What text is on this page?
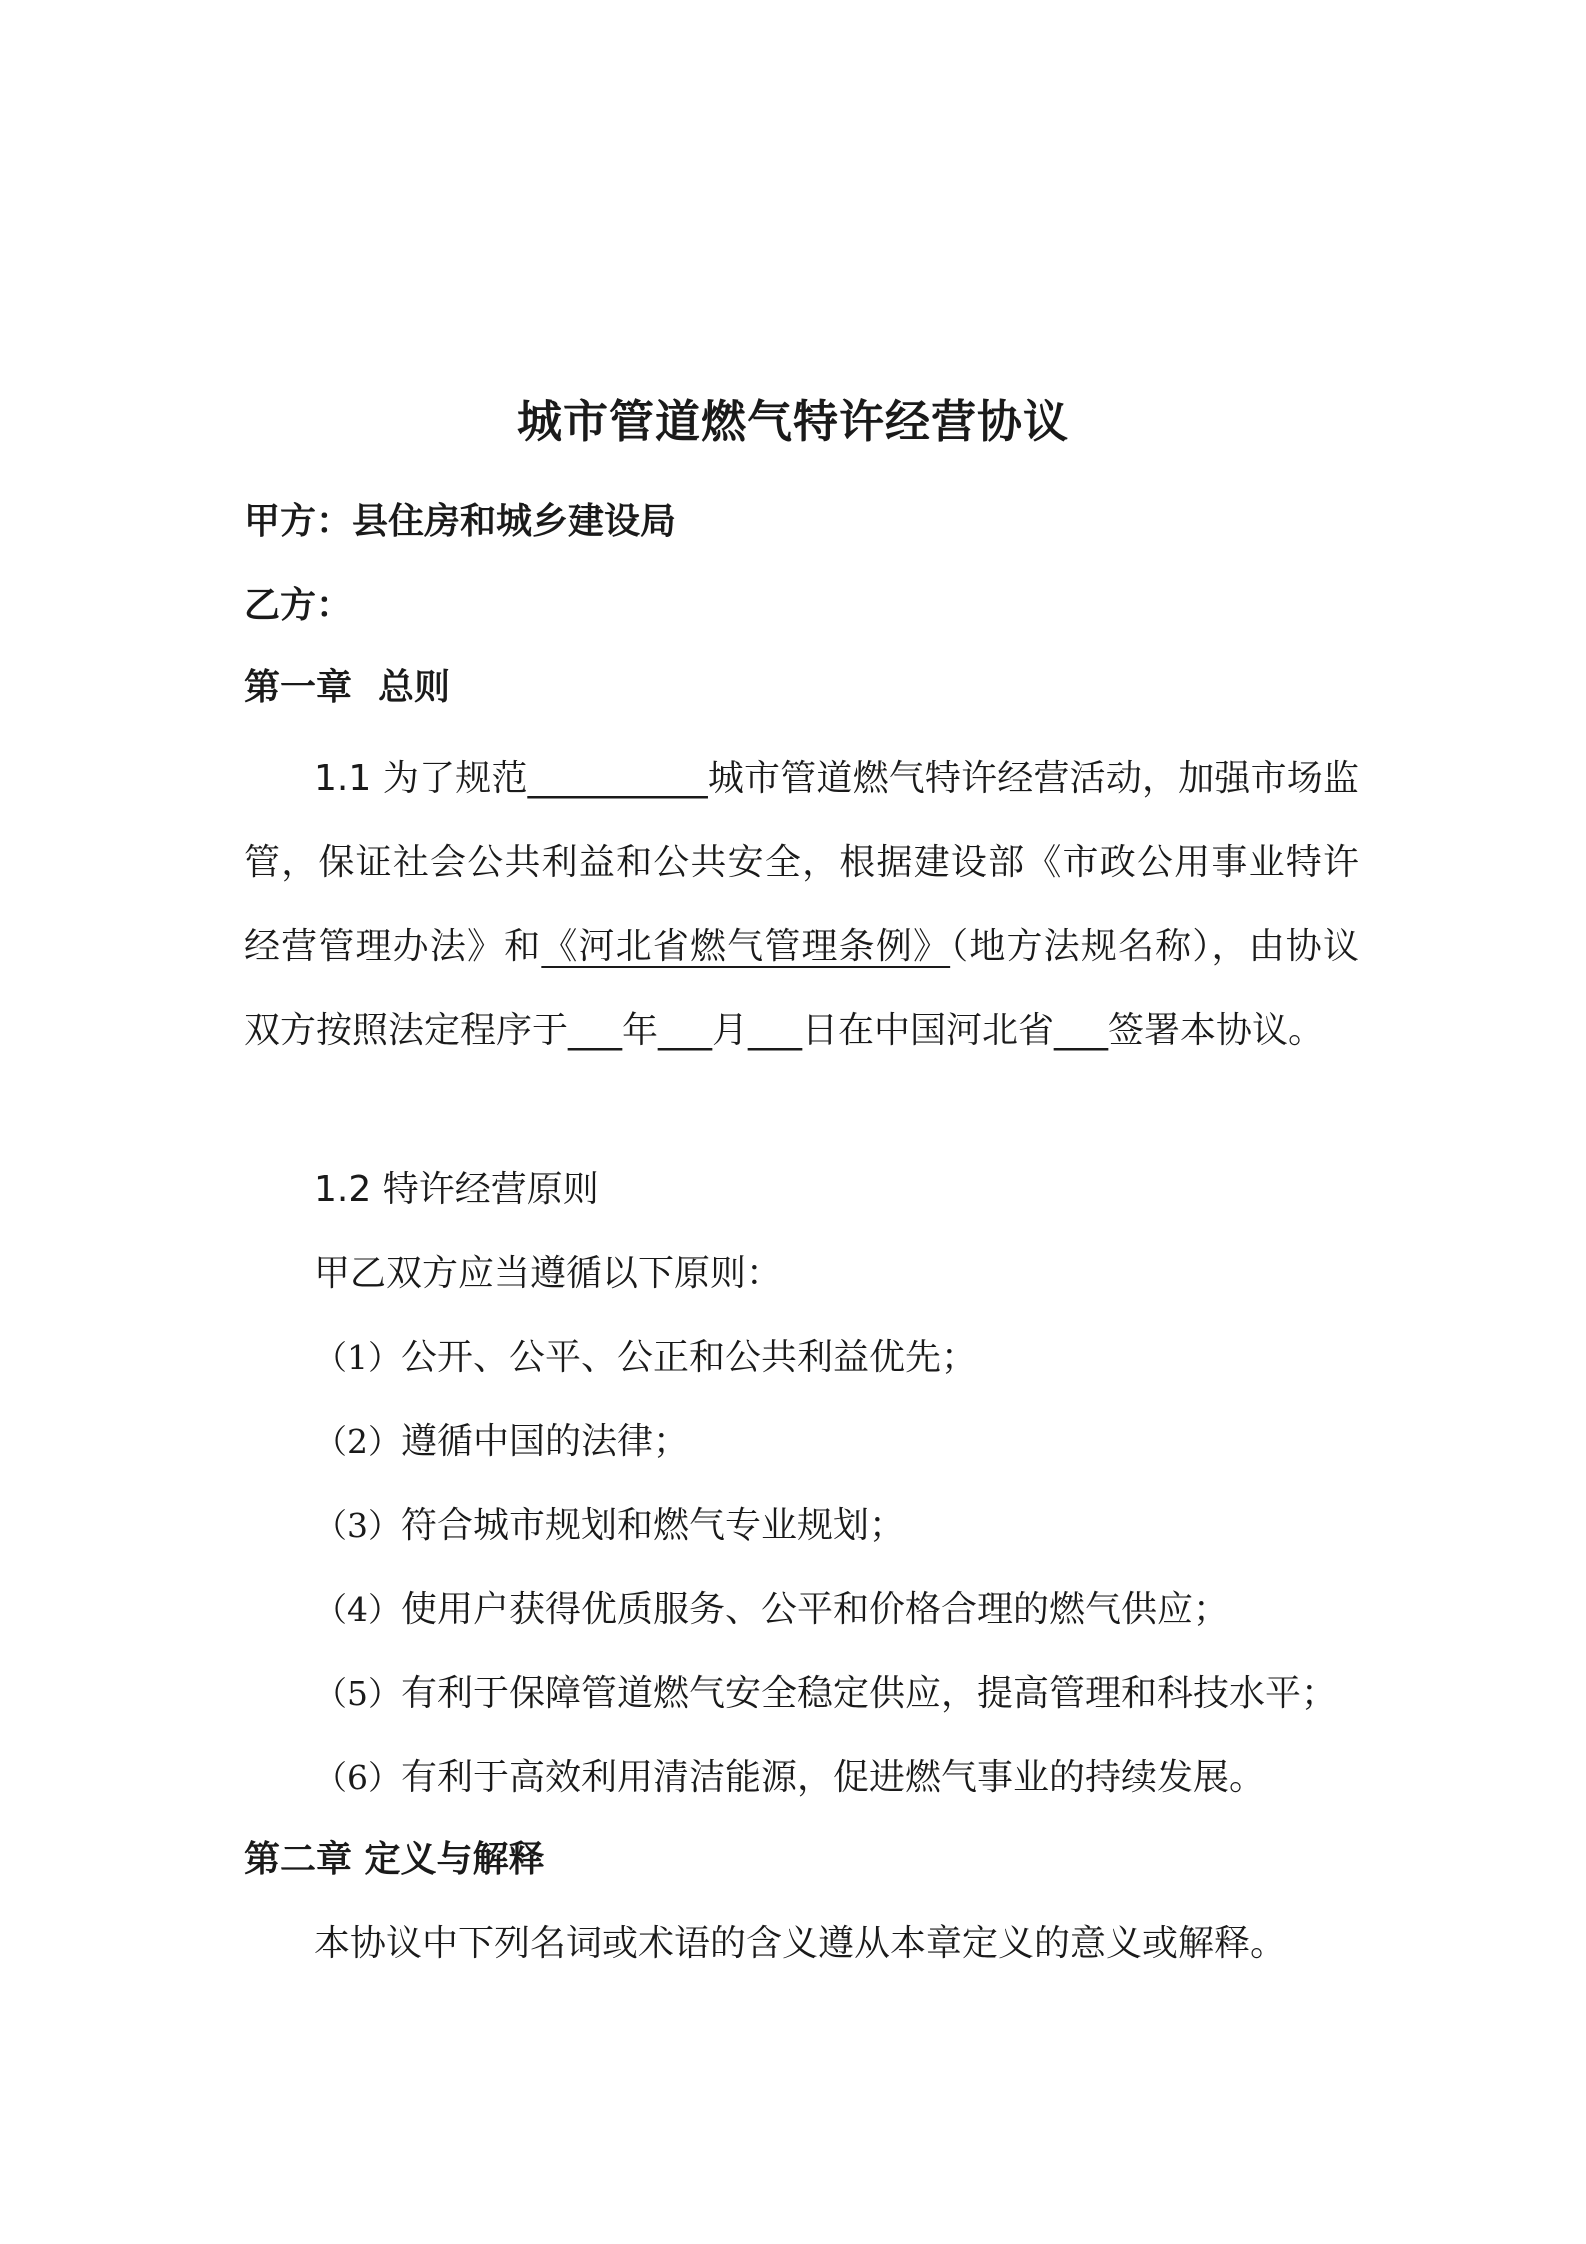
城市管道燃气特许经营协议
甲方：县住房和城乡建设局
乙方：
第一章 总则
1.1 为了规范__________城市管道燃气特许经营活动，加强市场监管，保证社会公共利益和公共安全，根据建设部《市政公用事业特许经营管理办法》和《河北省燃气管理条例》（地方法规名称），由协议双方按照法定程序于___年___月___日在中国河北省___签署本协议。
1.2 特许经营原则
甲乙双方应当遵循以下原则：
（1）公开、公平、公正和公共利益优先；
（2）遵循中国的法律；
（3）符合城市规划和燃气专业规划；
（4）使用户获得优质服务、公平和价格合理的燃气供应；
（5）有利于保障管道燃气安全稳定供应，提高管理和科技水平；
（6）有利于高效利用清洁能源，促进燃气事业的持续发展。
第二章 定义与解释
本协议中下列名词或术语的含义遵从本章定义的意义或解释。
